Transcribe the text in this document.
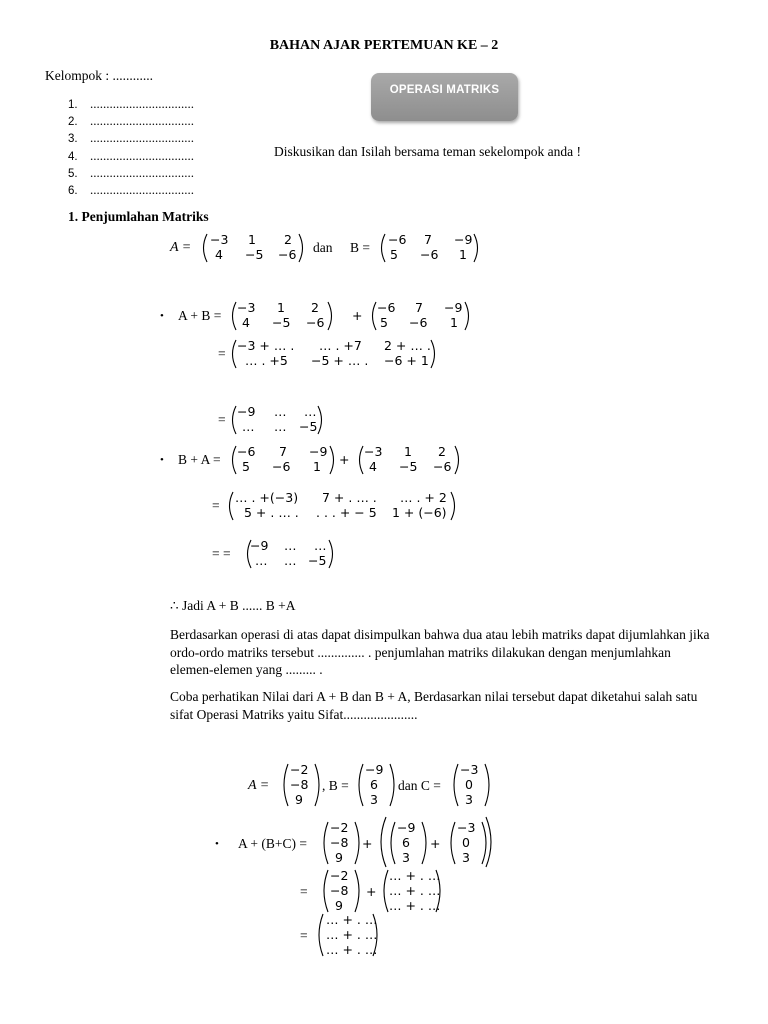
BAHAN AJAR PERTEMUAN KE – 2
Kelompok : ............
OPERASI MATRIKS
1. ................................
2. ................................
3. ................................
4. ................................
5. ................................
6. ................................
Diskusikan dan Isilah bersama teman sekelompok anda !
1. Penjumlahan Matriks
A =
−3 1 2
4 −5 −6 dan B =
−6 7 −9
5 −6 1
• A + B =
−3 1 2
4 −5 −6 +
−6 7 −9
5 −6 1
=
−3 + … . … . +7 2 + … .
… . +5 −5 + … . −6 + 1
=
−9 … …
… … −5
• B + A =
−6 7 −9
5 −6 1 +
−3 1 2
4 −5 −6
=
… . +(−3) 7 + . … . … . + 2
5 + . … . . . . + − 5 1 + (−6)
= =
−9 … …
… … −5
∴ Jadi A + B ...... B +A
Berdasarkan operasi di atas dapat disimpulkan bahwa dua atau lebih matriks dapat dijumlahkan jika ordo-ordo matriks tersebut .............. . penjumlahan matriks dilakukan dengan menjumlahkan elemen-elemen yang ......... .
Coba perhatikan Nilai dari A + B dan B + A, Berdasarkan nilai tersebut dapat diketahui salah satu sifat Operasi Matriks yaitu Sifat......................
A =
−2
−8
9
, B =
−9
6
3
dan C =
−3
0
3
• A + (B+C) =
−2
−8
9
+
−9
6
3
+
−3
0
3
=
−2
−8
9
+
… + . …
… + . …
… + . …
=
… + . …
… + . …
… + . …
